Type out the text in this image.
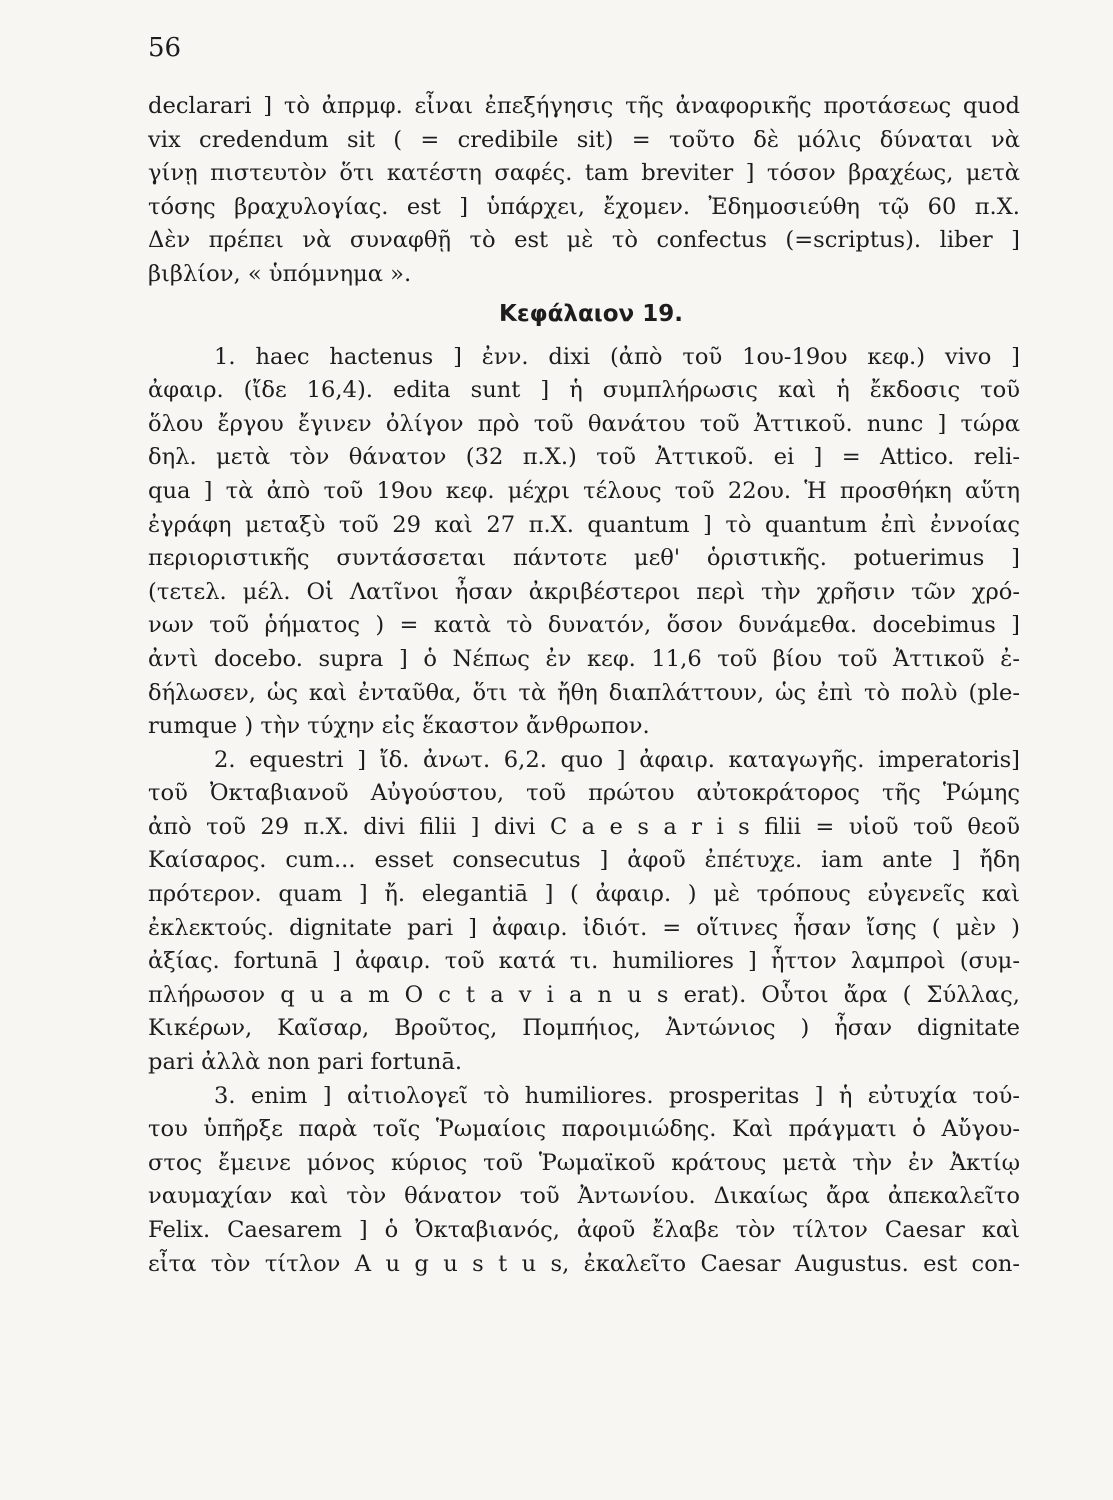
56
declarari ] τὸ ἀπρμφ. εἶναι ἐπεξήγησις τῆς ἀναφορικῆς προτάσεως quod
vix credendum sit ( = credibile sit) = τοῦτο δὲ μόλις δύναται νὰ
γίνῃ πιστευτὸν ὅτι κατέστη σαφές. tam breviter ] τόσον βραχέως, μετὰ
τόσης βραχυλογίας. est ] ὑπάρχει, ἔχομεν. Ἐδημοσιεύθη τῷ 60 π.Χ.
Δὲν πρέπει νὰ συναφθῇ τὸ est μὲ τὸ confectus (=scriptus). liber ]
βιβλίον, « ὑπόμνημα ».
Κεφάλαιον 19.
1. haec hactenus ] ἐνν. dixi (ἀπὸ τοῦ 1ου-19ου κεφ.) vivo ]
ἀφαιρ. (ἴδε 16,4). edita sunt ] ἡ συμπλήρωσις καὶ ἡ ἔκδοσις τοῦ
ὅλου ἔργου ἔγινεν ὀλίγον πρὸ τοῦ θανάτου τοῦ Ἀττικοῦ. nunc ] τώρα
δηλ. μετὰ τὸν θάνατον (32 π.Χ.) τοῦ Ἀττικοῦ. ei ] = Attico. reli-
qua ] τὰ ἀπὸ τοῦ 19ου κεφ. μέχρι τέλους τοῦ 22ου. Ἡ προσθήκη αὕτη
ἐγράφη μεταξὺ τοῦ 29 καὶ 27 π.Χ. quantum ] τὸ quantum ἐπὶ ἐννοίας
περιοριστικῆς συντάσσεται πάντοτε μεθ' ὁριστικῆς. potuerimus ]
(τετελ. μέλ. Οἱ Λατῖνοι ἦσαν ἀκριβέστεροι περὶ τὴν χρῆσιν τῶν χρό-
νων τοῦ ῥήματος ) = κατὰ τὸ δυνατόν, ὅσον δυνάμεθα. docebimus ]
ἀντὶ docebo. supra ] ὁ Νέπως ἐν κεφ. 11,6 τοῦ βίου τοῦ Ἀττικοῦ ἐ-
δήλωσεν, ὡς καὶ ἐνταῦθα, ὅτι τὰ ἤθη διαπλάττουν, ὡς ἐπὶ τὸ πολὺ (ple-
rumque ) τὴν τύχην εἰς ἕκαστον ἄνθρωπον.
2. equestri ] ἴδ. ἀνωτ. 6,2. quo ] ἀφαιρ. καταγωγῆς. imperatoris]
τοῦ Ὀκταβιανοῦ Αὐγούστου, τοῦ πρώτου αὐτοκράτορος τῆς Ῥώμης
ἀπὸ τοῦ 29 π.Χ. divi filii ] divi C a e s a r i s filii = υἱοῦ τοῦ θεοῦ
Καίσαρος. cum... esset consecutus ] ἀφοῦ ἐπέτυχε. iam ante ] ἤδη
πρότερον. quam ] ἤ. elegantiā ] ( ἀφαιρ. ) μὲ τρόπους εὐγενεῖς καὶ
ἐκλεκτούς. dignitate pari ] ἀφαιρ. ἰδιότ. = οἵτινες ἦσαν ἴσης ( μὲν )
ἀξίας. fortunā ] ἀφαιρ. τοῦ κατά τι. humiliores ] ἧττον λαμπροὶ (συμ-
πλήρωσον q u a m O c t a v i a n u s erat). Οὗτοι ἄρα ( Σύλλας,
Κικέρων, Καῖσαρ, Βροῦτος, Πομπήιος, Ἀντώνιος ) ἦσαν dignitate
pari ἀλλὰ non pari fortunā.
3. enim ] αἰτιολογεῖ τὸ humiliores. prosperitas ] ἡ εὐτυχία τού-
του ὑπῆρξε παρὰ τοῖς Ῥωμαίοις παροιμιώδης. Καὶ πράγματι ὁ Αὔγου-
στος ἔμεινε μόνος κύριος τοῦ Ῥωμαϊκοῦ κράτους μετὰ τὴν ἐν Ἀκτίῳ
ναυμαχίαν καὶ τὸν θάνατον τοῦ Ἀντωνίου. Δικαίως ἄρα ἀπεκαλεῖτο
Felix. Caesarem ] ὁ Ὀκταβιανός, ἀφοῦ ἔλαβε τὸν τίλτον Caesar καὶ
εἶτα τὸν τίτλον A u g u s t u s, ἐκαλεῖτο Caesar Augustus. est con-
